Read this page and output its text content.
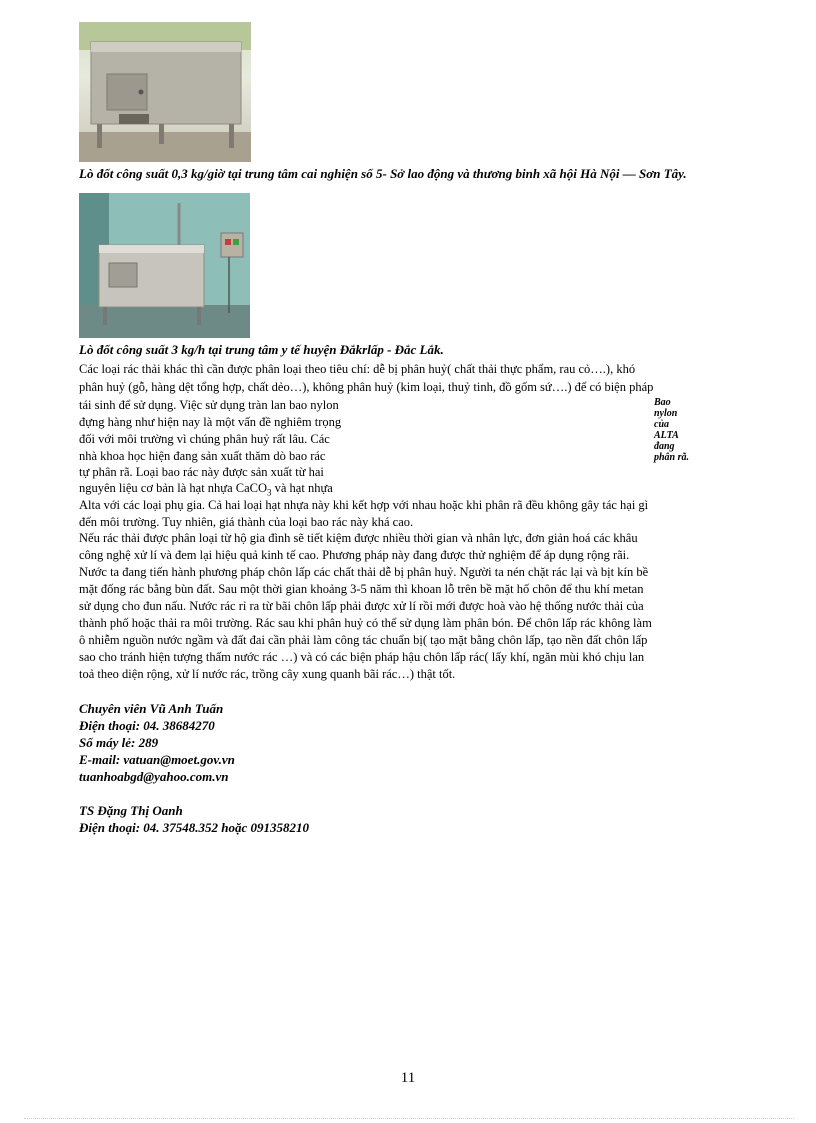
Lò đốt công suất 0,3 kg/giờ tại trung tâm cai nghiện số 5- Sở lao động và thương binh xã hội Hà Nội — Sơn Tây.
Lò đốt công suất 3 kg/h tại trung tâm y tế huyện Đắkrlấp - Đắc Lắk.
Các loại rác thải khác thì cần được phân loại theo tiêu chí: dễ bị phân huỷ( chất thải thực phẩm, rau cỏ….), khó
phân huỷ (gỗ, hàng dệt tổng hợp, chất dẻo…), không phân huỷ (kim loại, thuỷ tinh, đồ gốm sứ….) để có biện pháp
tái sinh để sử dụng. Việc sử dụng tràn lan bao nylon
đựng hàng như hiện nay là một vấn đề nghiêm trọng
đối với môi trường vì chúng phân huỷ rất lâu. Các
nhà khoa học hiện đang sản xuất thăm dò bao rác
tự phân rã. Loại bao rác này được sản xuất từ hai
nguyên liệu cơ bản là hạt nhựa CaCO$_3$ và hạt nhựa
Alta với các loại phụ gia. Cả hai loại hạt nhựa này khi kết hợp với nhau hoặc khi phân rã đều không gây tác hại gì
đến môi trường. Tuy nhiên, giá thành của loại bao rác này khá cao.
Bao nylon của ALTA đang phân rã.
Nếu rác thải được phân loại từ hộ gia đình sẽ tiết kiệm được nhiều thời gian và nhân lực, đơn giản hoá các khâu
công nghệ xử lí và đem lại hiệu quả kinh tế cao. Phương pháp này đang được thử nghiệm để áp dụng rộng rãi.
Nước ta đang tiến hành phương pháp chôn lấp các chất thải dễ bị phân huỷ. Người ta nén chặt rác lại và bịt kín bề
mặt đống rác bằng bùn đất. Sau một thời gian khoảng 3-5 năm thì khoan lỗ trên bề mặt hố chôn để thu khí metan
sử dụng cho đun nấu. Nước rác rỉ ra từ bãi chôn lấp phải được xử lí rồi mới được hoà vào hệ thống nước thải của
thành phố hoặc thải ra môi trường. Rác sau khi phân huỷ có thể sử dụng làm phân bón. Để chôn lấp rác không làm
ô nhiễm nguồn nước ngầm và đất đai cần phải làm công tác chuẩn bị( tạo mặt bằng chôn lấp, tạo nền đất chôn lấp
sao cho tránh hiện tượng thấm nước rác …) và có các biện pháp hậu chôn lấp rác( lấy khí, ngăn mùi khó chịu lan
toả theo diện rộng, xử lí nước rác, trồng cây xung quanh bãi rác…) thật tốt.
Chuyên viên Vũ Anh Tuấn
Điện thoại: 04. 38684270
Số máy lẻ: 289
E-mail: vatuan@moet.gov.vn
tuanhoabgd@yahoo.com.vn
TS Đặng Thị Oanh
Điện thoại: 04. 37548.352 hoặc 091358210
11
